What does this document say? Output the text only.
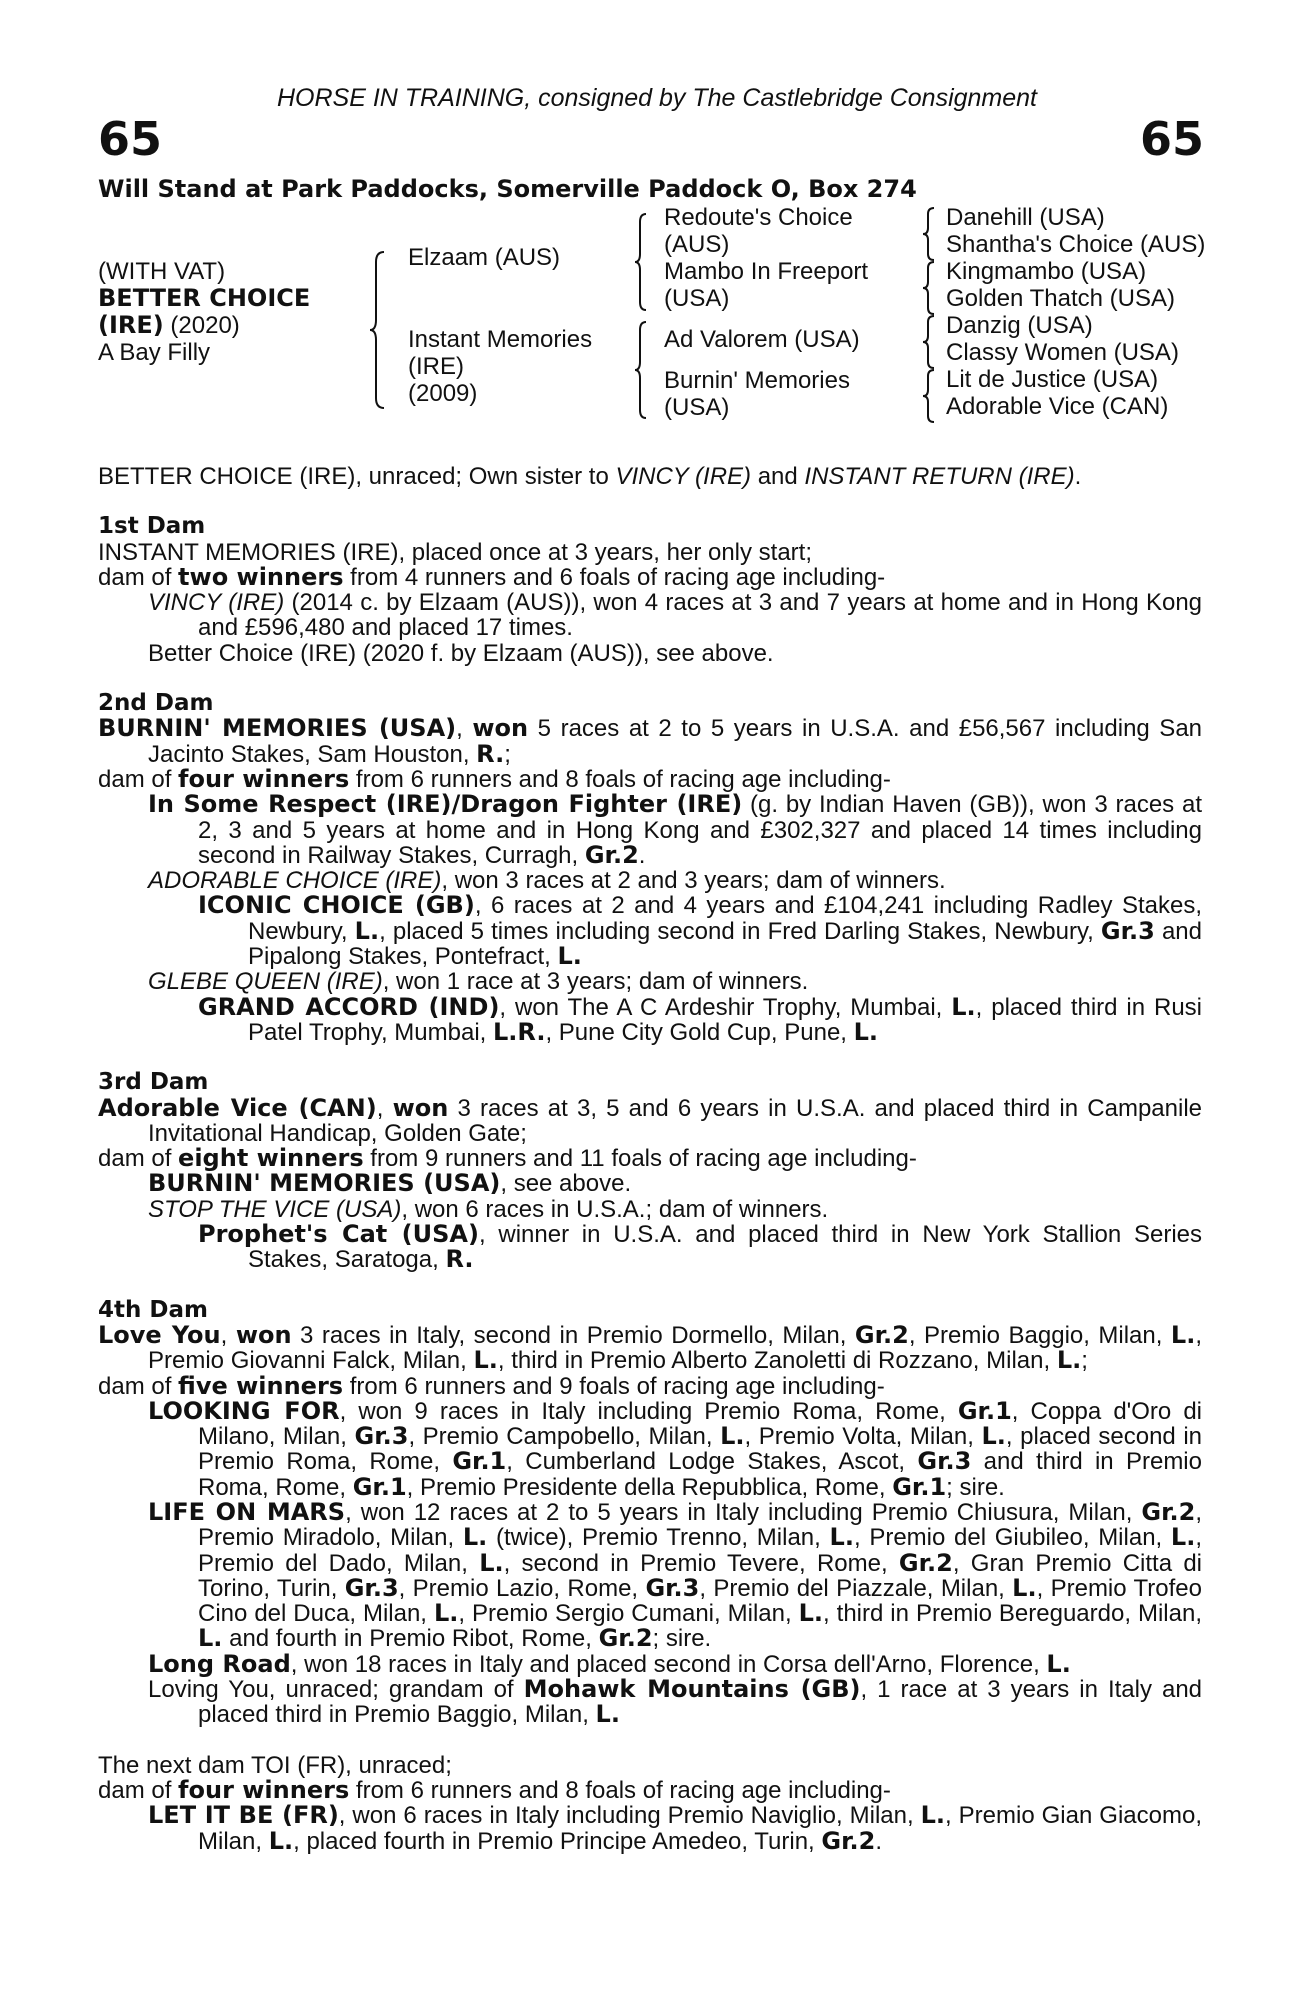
HORSE IN TRAINING, consigned by The Castlebridge Consignment
65	65
Will Stand at Park Paddocks, Somerville Paddock O, Box 274
(WITH VAT)
BETTER CHOICE
(IRE) (2020)
A Bay Filly
Elzaam (AUS)
Instant Memories
(IRE)
(2009)
Redoute's Choice
(AUS)
Mambo In Freeport
(USA)
Ad Valorem (USA)
Burnin' Memories
(USA)
Danehill (USA)
Shantha's Choice (AUS)
Kingmambo (USA)
Golden Thatch (USA)
Danzig (USA)
Classy Women (USA)
Lit de Justice (USA)
Adorable Vice (CAN)

BETTER CHOICE (IRE), unraced; Own sister to VINCY (IRE) and INSTANT RETURN (IRE).

1st Dam

INSTANT MEMORIES (IRE), placed once at 3 years, her only start;

dam of two winners from 4 runners and 6 foals of racing age including-

VINCY (IRE) (2014 c. by Elzaam (AUS)), won 4 races at 3 and 7 years at home and in Hong Kong and £596,480 and placed 17 times.

Better Choice (IRE) (2020 f. by Elzaam (AUS)), see above.

2nd Dam

BURNIN' MEMORIES (USA), won 5 races at 2 to 5 years in U.S.A. and £56,567 including San Jacinto Stakes, Sam Houston, R.;

dam of four winners from 6 runners and 8 foals of racing age including-

In Some Respect (IRE)/Dragon Fighter (IRE) (g. by Indian Haven (GB)), won 3 races at 2, 3 and 5 years at home and in Hong Kong and £302,327 and placed 14 times including second in Railway Stakes, Curragh, Gr.2.

ADORABLE CHOICE (IRE), won 3 races at 2 and 3 years; dam of winners.

ICONIC CHOICE (GB), 6 races at 2 and 4 years and £104,241 including Radley Stakes, Newbury, L., placed 5 times including second in Fred Darling Stakes, Newbury, Gr.3 and Pipalong Stakes, Pontefract, L.

GLEBE QUEEN (IRE), won 1 race at 3 years; dam of winners.

GRAND ACCORD (IND), won The A C Ardeshir Trophy, Mumbai, L., placed third in Rusi Patel Trophy, Mumbai, L.R., Pune City Gold Cup, Pune, L.

3rd Dam

Adorable Vice (CAN), won 3 races at 3, 5 and 6 years in U.S.A. and placed third in Campanile Invitational Handicap, Golden Gate;

dam of eight winners from 9 runners and 11 foals of racing age including-

BURNIN' MEMORIES (USA), see above.

STOP THE VICE (USA), won 6 races in U.S.A.; dam of winners.

Prophet's Cat (USA), winner in U.S.A. and placed third in New York Stallion Series Stakes, Saratoga, R.

4th Dam

Love You, won 3 races in Italy, second in Premio Dormello, Milan, Gr.2, Premio Baggio, Milan, L., Premio Giovanni Falck, Milan, L., third in Premio Alberto Zanoletti di Rozzano, Milan, L.;

dam of five winners from 6 runners and 9 foals of racing age including-

LOOKING FOR, won 9 races in Italy including Premio Roma, Rome, Gr.1, Coppa d'Oro di Milano, Milan, Gr.3, Premio Campobello, Milan, L., Premio Volta, Milan, L., placed second in Premio Roma, Rome, Gr.1, Cumberland Lodge Stakes, Ascot, Gr.3 and third in Premio Roma, Rome, Gr.1, Premio Presidente della Repubblica, Rome, Gr.1; sire.

LIFE ON MARS, won 12 races at 2 to 5 years in Italy including Premio Chiusura, Milan, Gr.2, Premio Miradolo, Milan, L. (twice), Premio Trenno, Milan, L., Premio del Giubileo, Milan, L., Premio del Dado, Milan, L., second in Premio Tevere, Rome, Gr.2, Gran Premio Citta di Torino, Turin, Gr.3, Premio Lazio, Rome, Gr.3, Premio del Piazzale, Milan, L., Premio Trofeo Cino del Duca, Milan, L., Premio Sergio Cumani, Milan, L., third in Premio Bereguardo, Milan, L. and fourth in Premio Ribot, Rome, Gr.2; sire.

Long Road, won 18 races in Italy and placed second in Corsa dell'Arno, Florence, L.

Loving You, unraced; grandam of Mohawk Mountains (GB), 1 race at 3 years in Italy and placed third in Premio Baggio, Milan, L.

The next dam TOI (FR), unraced;

dam of four winners from 6 runners and 8 foals of racing age including-

LET IT BE (FR), won 6 races in Italy including Premio Naviglio, Milan, L., Premio Gian Giacomo, Milan, L., placed fourth in Premio Principe Amedeo, Turin, Gr.2.
